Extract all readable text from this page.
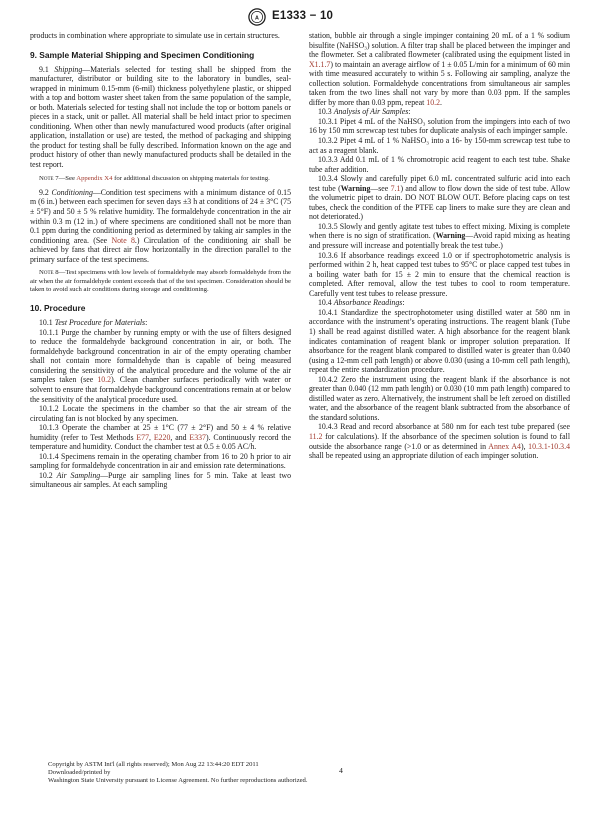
A E1333 − 10

products in combination where appropriate to simulate use in certain structures.

9. Sample Material Shipping and Specimen Conditioning

9.1 Shipping—Materials selected for testing shall be shipped from the manufacturer, distributor or building site to the laboratory in bundles, seal-wrapped in minimum 0.15-mm (6-mil) thickness polyethylene plastic, or shipped with a top and bottom waster sheet taken from the same population of the sample, or both. Materials selected for testing shall not include the top or bottom panels or pieces in a stack, unit or pallet. All material shall be held intact prior to specimen conditioning. When other than newly manufactured wood products (after original application, installation or use) are tested, the method of packaging and shipping the product for testing shall be fully described. Information known on the age and product history of other than newly manufactured products shall be detailed in the test report.

Note 7—See Appendix X4 for additional discussion on shipping materials for testing.

9.2 Conditioning—Condition test specimens with a minimum distance of 0.15 m (6 in.) between each specimen for seven days ±3 h at conditions of 24 ± 3°C (75 ± 5°F) and 50 ± 5 % relative humidity. The formaldehyde concentration in the air within 0.3 m (12 in.) of where specimens are conditioned shall not be more than 0.1 ppm during the conditioning period as determined by taking air samples in the conditioning area. (See Note 8.) Circulation of the conditioning air shall be achieved by fans that direct air flow horizontally in the direction parallel to the primary surface of the test specimens.

Note 8—Test specimens with low levels of formaldehyde may absorb formaldehyde from the air when the air formaldehyde content exceeds that of the test specimen. Consideration should be taken to avoid such air conditions during storage and conditioning.

10. Procedure

10.1 Test Procedure for Materials:

10.1.1 Purge the chamber by running empty or with the use of filters designed to reduce the formaldehyde background concentration in air, or both. The formaldehyde background concentration in air of the empty operating chamber shall not contain more formaldehyde than is capable of being measured considering the sensitivity of the analytical procedure and the volume of the air samples taken (see 10.2). Clean chamber surfaces periodically with water or solvent to ensure that formaldehyde background concentrations remain at or below the sensitivity of the analytical procedure used.

10.1.2 Locate the specimens in the chamber so that the air stream of the circulating fan is not blocked by any specimen.

10.1.3 Operate the chamber at 25 ± 1°C (77 ± 2°F) and 50 ± 4 % relative humidity (refer to Test Methods E77, E220, and E337). Continuously record the temperature and humidity. Conduct the chamber test at 0.5 ± 0.05 AC/h.

10.1.4 Specimens remain in the operating chamber from 16 to 20 h prior to air sampling for formaldehyde concentration in air and emission rate determinations.

10.2 Air Sampling—Purge air sampling lines for 5 min. Take at least two simultaneous air samples. At each sampling

station, bubble air through a single impinger containing 20 mL of a 1 % sodium bisulfite (NaHSO₃) solution. A filter trap shall be placed between the impinger and the flowmeter. Set a calibrated flowmeter (calibrated using the equipment listed in X1.1.7) to maintain an average airflow of 1 ± 0.05 L/min for a minimum of 60 min with time measured accurately to within 5 s. Following air sampling, analyze the collection solution. Formaldehyde concentrations from simultaneous air samples taken from the two lines shall not vary by more than 0.03 ppm. If the samples differ by more than 0.03 ppm, repeat 10.2.

10.3 Analysis of Air Samples:

10.3.1 Pipet 4 mL of the NaHSO₃ solution from the impingers into each of two 16 by 150 mm screwcap test tubes for duplicate analysis of each impinger sample.

10.3.2 Pipet 4 mL of 1 % NaHSO₃ into a 16- by 150-mm screwcap test tube to act as a reagent blank.

10.3.3 Add 0.1 mL of 1 % chromotropic acid reagent to each test tube. Shake tube after addition.

10.3.4 Slowly and carefully pipet 6.0 mL concentrated sulfuric acid into each test tube (Warning—see 7.1) and allow to flow down the side of test tube. Allow the volumetric pipet to drain. DO NOT BLOW OUT. Before placing caps on test tubes, check the condition of the PTFE cap liners to make sure they are clean and not deteriorated.)

10.3.5 Slowly and gently agitate test tubes to effect mixing. Mixing is complete when there is no sign of stratification. (Warning—Avoid rapid mixing as heating and pressure will increase and potentially break the test tube.)

10.3.6 If absorbance readings exceed 1.0 or if spectrophotometric analysis is performed within 2 h, heat capped test tubes to 95°C or place capped test tubes in a boiling water bath for 15 ± 2 min to ensure that the chemical reaction is completed. After removal, allow the test tubes to cool to room temperature. Carefully vent test tubes to release pressure.

10.4 Absorbance Readings:

10.4.1 Standardize the spectrophotometer using distilled water at 580 nm in accordance with the instrument’s operating instructions. The reagent blank (Tube 1) shall be read against distilled water. A high absorbance for the reagent blank indicates contamination of reagent blank or improper solution preparation. If absorbance for the reagent blank compared to distilled water is greater than 0.040 (using a 12-mm cell path length) or above 0.030 (using a 10-mm cell path length), repeat the entire standardization procedure.

10.4.2 Zero the instrument using the reagent blank if the absorbance is not greater than 0.040 (12 mm path length) or 0.030 (10 mm path length) compared to distilled water as zero. Alternatively, the instrument shall be left zeroed on distilled water, and the absorbance of the reagent blank subtracted from the absorbance of the standard solutions.

10.4.3 Read and record absorbance at 580 nm for each test tube prepared (see 11.2 for calculations). If the absorbance of the specimen solution is found to fall outside the absorbance range (>1.0 or as determined in Annex A4), 10.3.1-10.3.4 shall be repeated using an appropriate dilution of each impinger solution.

Copyright by ASTM Int'l (all rights reserved); Mon Aug 22 13:44:20 EDT 2011
Downloaded/printed by
Washington State University pursuant to License Agreement. No further reproductions authorized.
4
